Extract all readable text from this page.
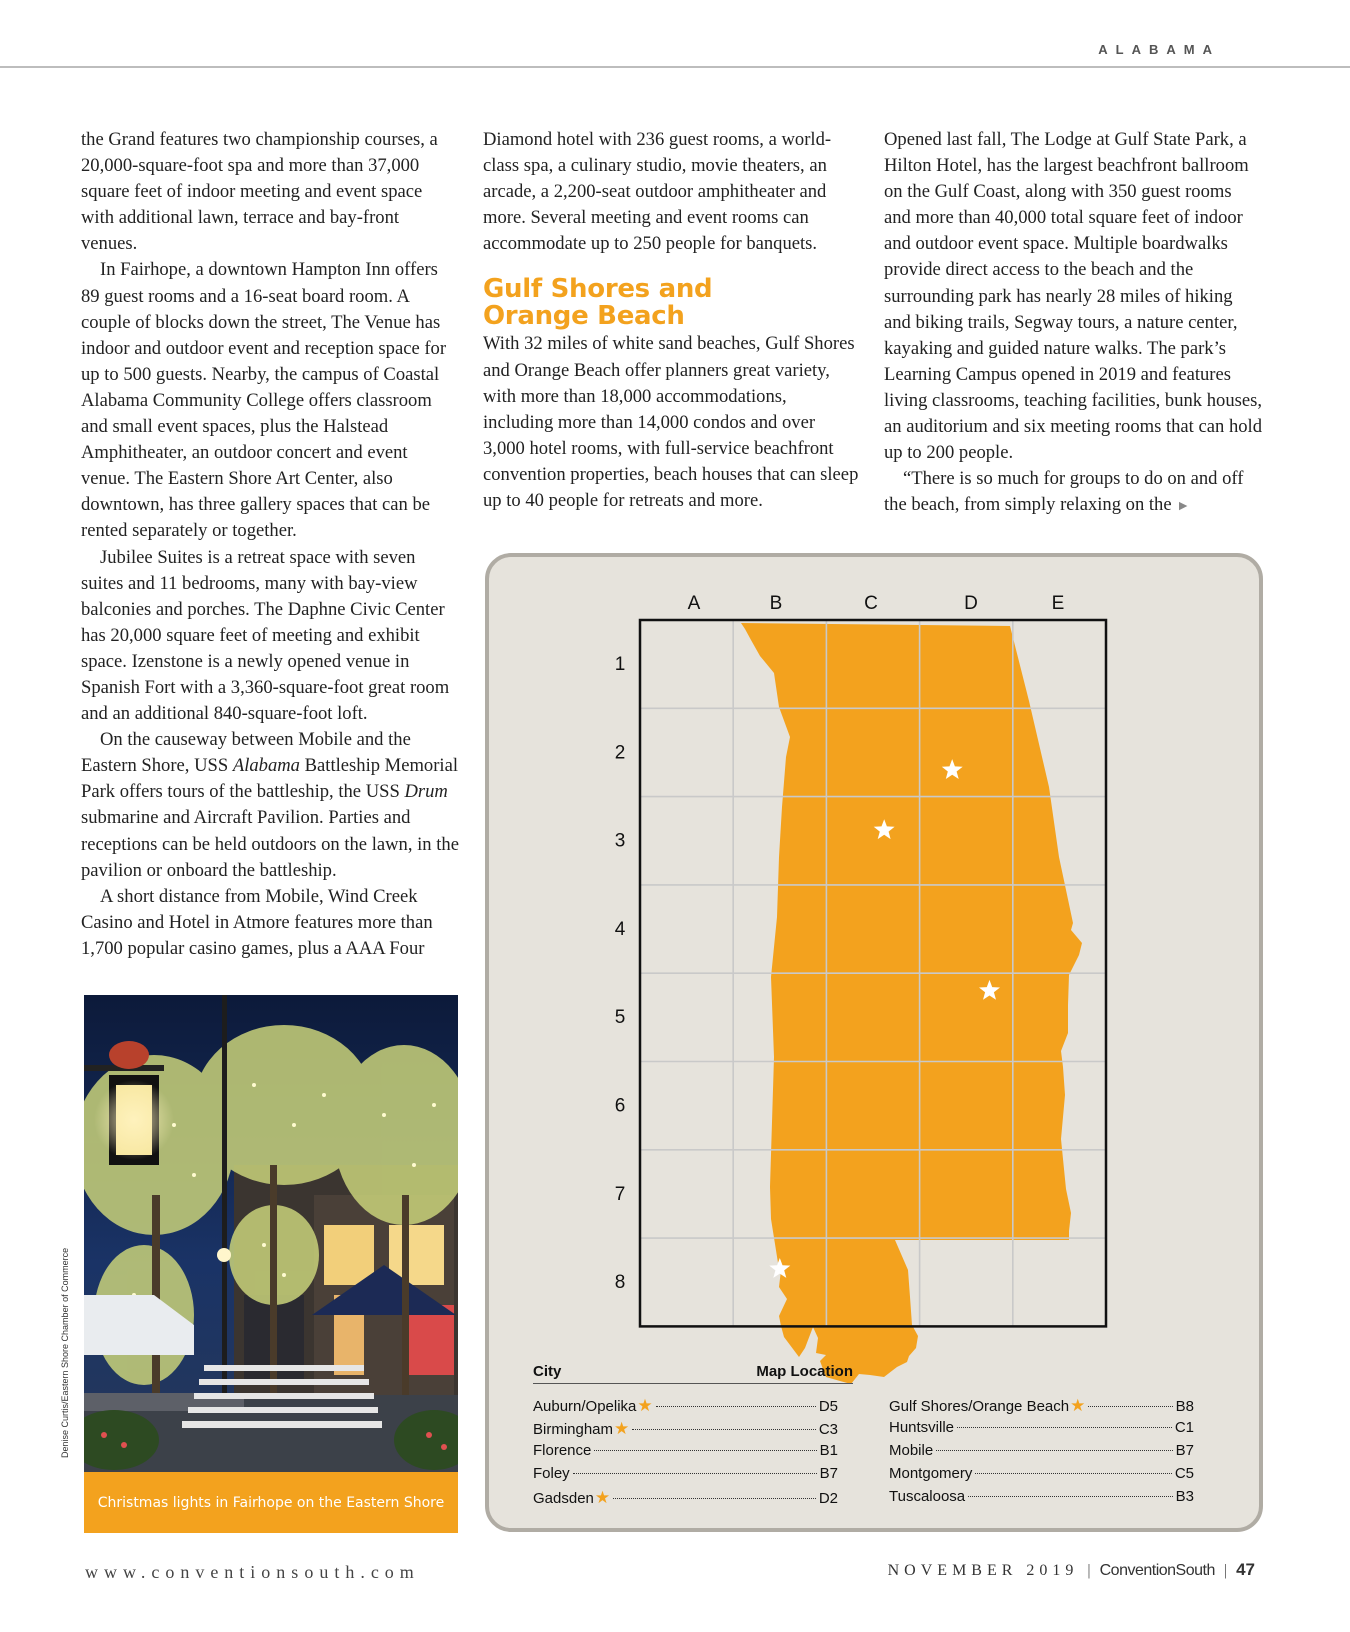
ALABAMA

the Grand features two championship courses, a 20,000-square-foot spa and more than 37,000 square feet of indoor meeting and event space with additional lawn, terrace and bay-front venues.

In Fairhope, a downtown Hampton Inn offers 89 guest rooms and a 16-seat board room. A couple of blocks down the street, The Venue has indoor and outdoor event and reception space for up to 500 guests. Nearby, the campus of Coastal Alabama Community College offers classroom and small event spaces, plus the Halstead Amphitheater, an outdoor concert and event venue. The Eastern Shore Art Center, also downtown, has three gallery spaces that can be rented separately or together.

Jubilee Suites is a retreat space with seven suites and 11 bedrooms, many with bay-view balconies and porches. The Daphne Civic Center has 20,000 square feet of meeting and exhibit space. Izenstone is a newly opened venue in Spanish Fort with a 3,360-square-foot great room and an additional 840-square-foot loft.

On the causeway between Mobile and the Eastern Shore, USS Alabama Battleship Memorial Park offers tours of the battleship, the USS Drum submarine and Aircraft Pavilion. Parties and receptions can be held outdoors on the lawn, in the pavilion or onboard the battleship.

A short distance from Mobile, Wind Creek Casino and Hotel in Atmore features more than 1,700 popular casino games, plus a AAA Four

Diamond hotel with 236 guest rooms, a world-class spa, a culinary studio, movie theaters, an arcade, a 2,200-seat outdoor amphitheater and more. Several meeting and event rooms can accommodate up to 250 people for banquets.

Gulf Shores and
Orange Beach

With 32 miles of white sand beaches, Gulf Shores and Orange Beach offer planners great variety, with more than 18,000 accommodations, including more than 14,000 condos and over 3,000 hotel rooms, with full-service beachfront convention properties, beach houses that can sleep up to 40 people for retreats and more.

Opened last fall, The Lodge at Gulf State Park, a Hilton Hotel, has the largest beachfront ballroom on the Gulf Coast, along with 350 guest rooms and more than 40,000 total square feet of indoor and outdoor event space. Multiple boardwalks provide direct access to the beach and the surrounding park has nearly 28 miles of hiking and biking trails, Segway tours, a nature center, kayaking and guided nature walks. The park’s Learning Campus opened in 2019 and features living classrooms, teaching facilities, bunk houses, an auditorium and six meeting rooms that can hold up to 200 people.

“There is so much for groups to do on and off the beach, from simply relaxing on the ►

Christmas lights in Fairhope on the Eastern Shore
Denise Curtis/Eastern Shore Chamber of Commerce
A	B	C	D	E
1
2
3
4
5
6
7
8
City	Map Location
Auburn/Opelika ★	D5
Birmingham ★	C3
Florence	B1
Foley	B7
Gadsden ★	D2
Gulf Shores/Orange Beach ★	B8
Huntsville	C1
Mobile	B7
Montgomery	C5
Tuscaloosa	B3
www.conventionsouth.com	NOVEMBER 2019 | ConventionSouth | 47
